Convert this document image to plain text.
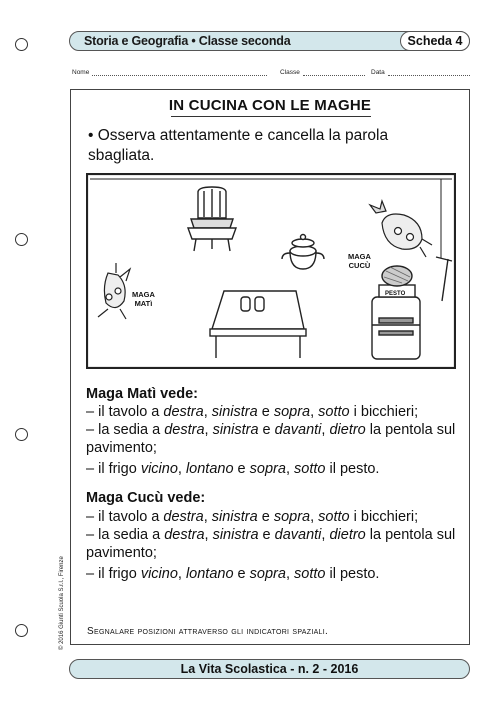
Storia e Geografia • Classe seconda	Scheda 4
Nome	Classe	Data
IN CUCINA CON LE MAGHE
• Osserva attentamente e cancella la parola sbagliata.
MAGA
MATì
MAGA
CUCÙ
PESTO
Maga Matì vede:
– il tavolo a destra, sinistra e sopra, sotto i bicchieri;
– la sedia a destra, sinistra e davanti, dietro la pentola sul
pavimento;
– il frigo vicino, lontano e sopra, sotto il pesto.
Maga Cucù vede:
– il tavolo a destra, sinistra e sopra, sotto i bicchieri;
– la sedia a destra, sinistra e davanti, dietro la pentola sul
pavimento;
– il frigo vicino, lontano e sopra, sotto il pesto.
Segnalare posizioni attraverso gli indicatori spaziali.
© 2016 Giunti Scuola S.r.l., Firenze
La Vita Scolastica - n. 2 - 2016
